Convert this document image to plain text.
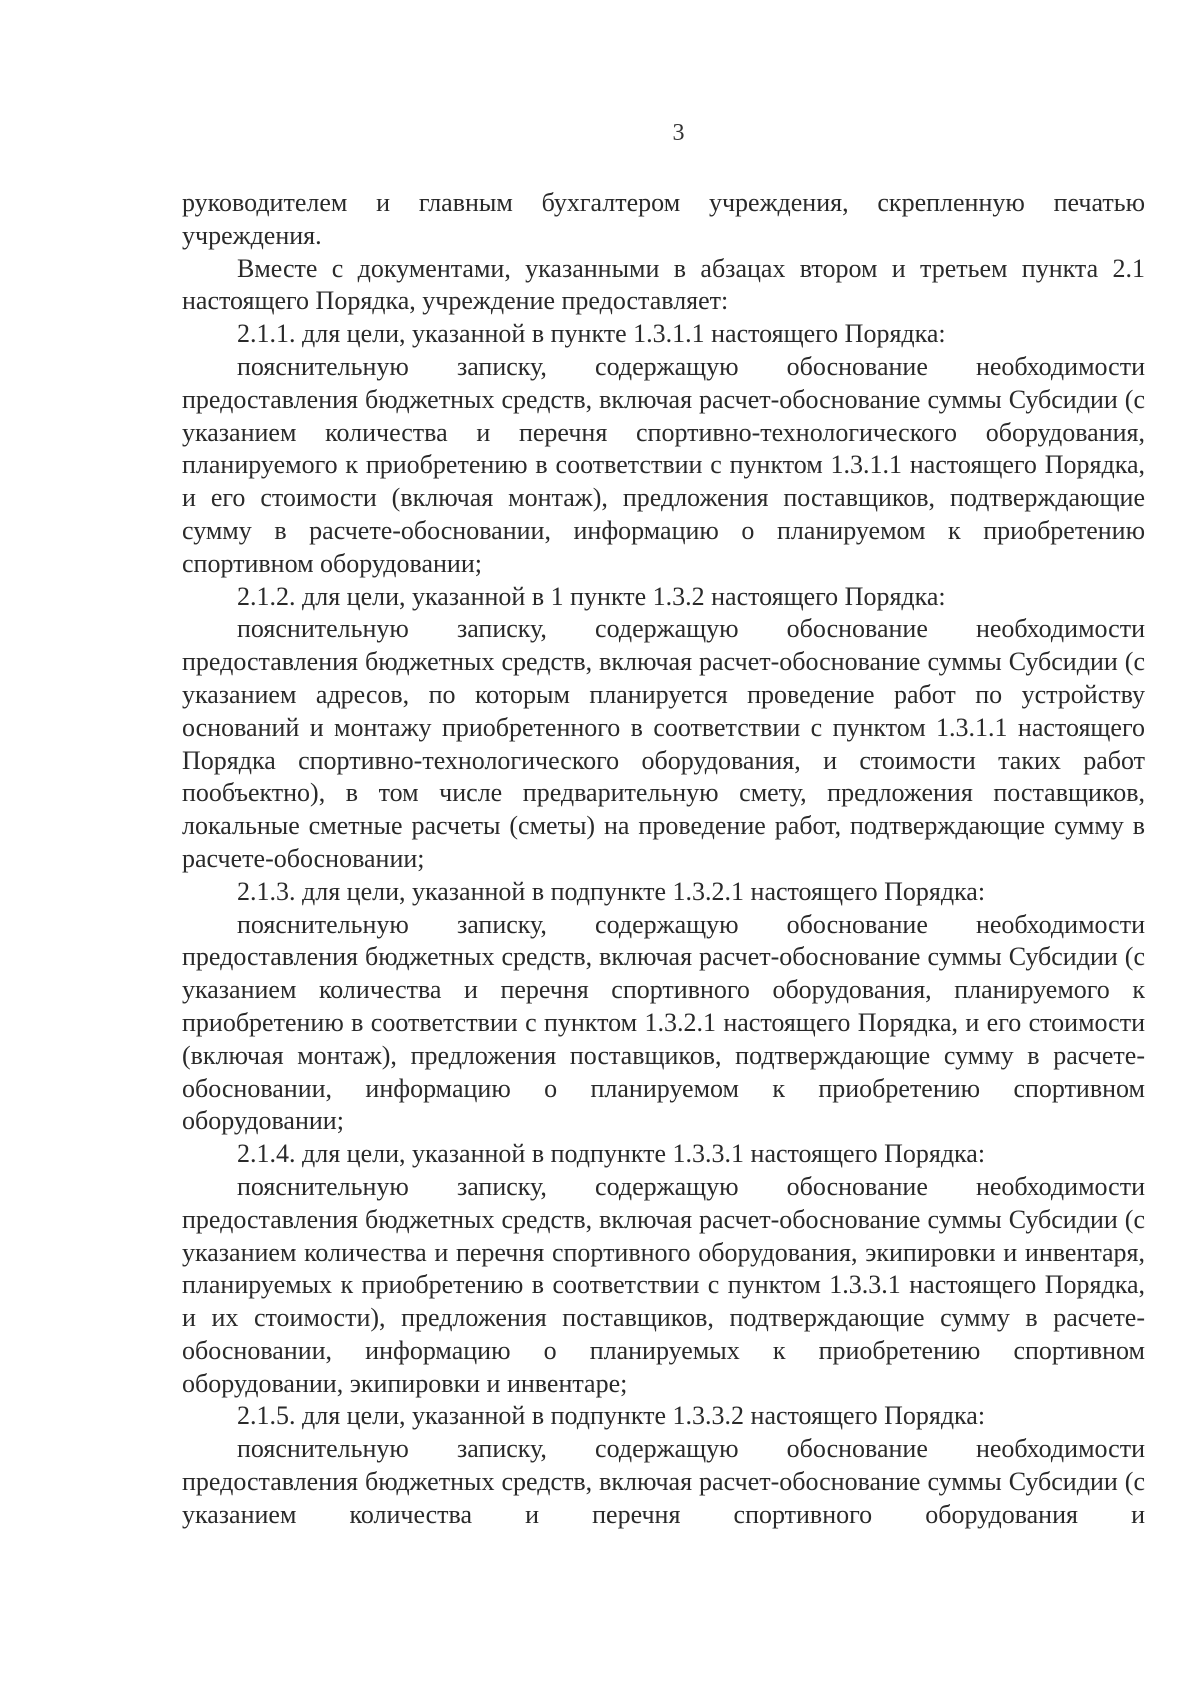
3

руководителем и главным бухгалтером учреждения, скрепленную печатью учреждения.

Вместе с документами, указанными в абзацах втором и третьем пункта 2.1 настоящего Порядка, учреждение предоставляет:

2.1.1. для цели, указанной в пункте 1.3.1.1 настоящего Порядка:

пояснительную записку, содержащую обоснование необходимости предоставления бюджетных средств, включая расчет-обоснование суммы Субсидии (с указанием количества и перечня спортивно-технологического оборудования, планируемого к приобретению в соответствии с пунктом 1.3.1.1 настоящего Порядка, и его стоимости (включая монтаж), предложения поставщиков, подтверждающие сумму в расчете-обосновании, информацию о планируемом к приобретению спортивном оборудовании;

2.1.2. для цели, указанной в 1 пункте 1.3.2 настоящего Порядка:

пояснительную записку, содержащую обоснование необходимости предоставления бюджетных средств, включая расчет-обоснование суммы Субсидии (с указанием адресов, по которым планируется проведение работ по устройству оснований и монтажу приобретенного в соответствии с пунктом 1.3.1.1 настоящего Порядка спортивно-технологического оборудования, и стоимости таких работ пообъектно), в том числе предварительную смету, предложения поставщиков, локальные сметные расчеты (сметы) на проведение работ, подтверждающие сумму в расчете-обосновании;

2.1.3. для цели, указанной в подпункте 1.3.2.1 настоящего Порядка:

пояснительную записку, содержащую обоснование необходимости предоставления бюджетных средств, включая расчет-обоснование суммы Субсидии (с указанием количества и перечня спортивного оборудования, планируемого к приобретению в соответствии с пунктом 1.3.2.1 настоящего Порядка, и его стоимости (включая монтаж), предложения поставщиков, подтверждающие сумму в расчете-обосновании, информацию о планируемом к приобретению спортивном оборудовании;

2.1.4. для цели, указанной в подпункте 1.3.3.1 настоящего Порядка:

пояснительную записку, содержащую обоснование необходимости предоставления бюджетных средств, включая расчет-обоснование суммы Субсидии (с указанием количества и перечня спортивного оборудования, экипировки и инвентаря, планируемых к приобретению в соответствии с пунктом 1.3.3.1 настоящего Порядка, и их стоимости), предложения поставщиков, подтверждающие сумму в расчете-обосновании, информацию о планируемых к приобретению спортивном оборудовании, экипировки и инвентаре;

2.1.5. для цели, указанной в подпункте 1.3.3.2 настоящего Порядка:

пояснительную записку, содержащую обоснование необходимости предоставления бюджетных средств, включая расчет-обоснование суммы Субсидии (с указанием количества и перечня спортивного оборудования и
